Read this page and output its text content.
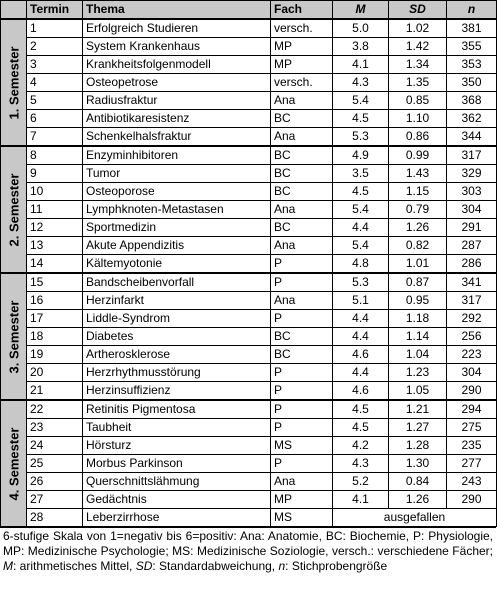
	Termin	Thema	Fach	M	SD	n

1. Semester	1	Erfolgreich Studieren	versch.	5.0	1.02	381
	2	System Krankenhaus	MP	3.8	1.42	355
	3	Krankheitsfolgenmodell	MP	4.1	1.34	353
	4	Osteopetrose	versch.	4.3	1.35	350
	5	Radiusfraktur	Ana	5.4	0.85	368
	6	Antibiotikaresistenz	BC	4.5	1.10	362
	7	Schenkelhalsfraktur	Ana	5.3	0.86	344

2. Semester	8	Enzyminhibitoren	BC	4.9	0.99	317
	9	Tumor	BC	3.5	1.43	329
	10	Osteoporose	BC	4.5	1.15	303
	11	Lymphknoten-Metastasen	Ana	5.4	0.79	304
	12	Sportmedizin	BC	4.4	1.26	291
	13	Akute Appendizitis	Ana	5.4	0.82	287
	14	Kältemyotonie	P	4.8	1.01	286

3. Semester	15	Bandscheibenvorfall	P	5.3	0.87	341
	16	Herzinfarkt	Ana	5.1	0.95	317
	17	Liddle-Syndrom	P	4.4	1.18	292
	18	Diabetes	BC	4.4	1.14	256
	19	Artherosklerose	BC	4.6	1.04	223
	20	Herzrhythmusstörung	P	4.4	1.23	304
	21	Herzinsuffizienz	P	4.6	1.05	290

4. Semester	22	Retinitis Pigmentosa	P	4.5	1.21	294
	23	Taubheit	P	4.5	1.27	275
	24	Hörsturz	MS	4.2	1.28	235
	25	Morbus Parkinson	P	4.3	1.30	277
	26	Querschnittslähmung	Ana	5.2	0.84	243
	27	Gedächtnis	MP	4.1	1.26	290
	28	Leberzirrhose	MS	ausgefallen		
6-stufige Skala von 1=negativ bis 6=positiv: Ana: Anatomie, BC: Biochemie, P: Physiologie, MP: Medizinische Psychologie; MS: Medizinische Soziologie, versch.: verschiedene Fächer; M: arithmetisches Mittel, SD: Standardabweichung, n: Stichprobengröße
